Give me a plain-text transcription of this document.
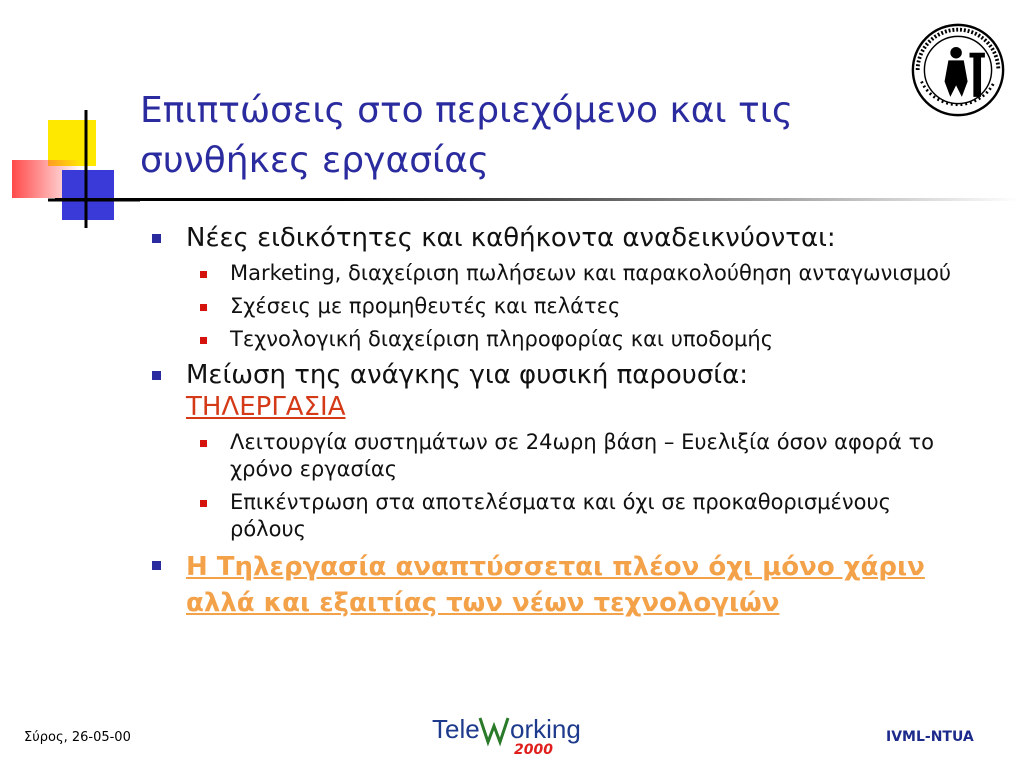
Επιπτώσεις στο περιεχόμενο και τις
συνθήκες εργασίας
Νέες ειδικότητες και καθήκοντα αναδεικνύονται:
Marketing, διαχείριση πωλήσεων και παρακολούθηση ανταγωνισμού
Σχέσεις με προμηθευτές και πελάτες
Τεχνολογική διαχείριση πληροφορίας και υποδομής
Μείωση της ανάγκης για φυσική παρουσία:
ΤΗΛΕΡΓΑΣΙΑ
Λειτουργία συστημάτων σε 24ωρη βάση – Ευελιξία όσον αφορά το χρόνο εργασίας
Επικέντρωση στα αποτελέσματα και όχι σε προκαθορισμένους ρόλους
Η Τηλεργασία αναπτύσσεται πλέον όχι μόνο χάριν αλλά και εξαιτίας των νέων τεχνολογιών
Σύρος, 26-05-00	Tele orking
2000
IVML-NTUA
